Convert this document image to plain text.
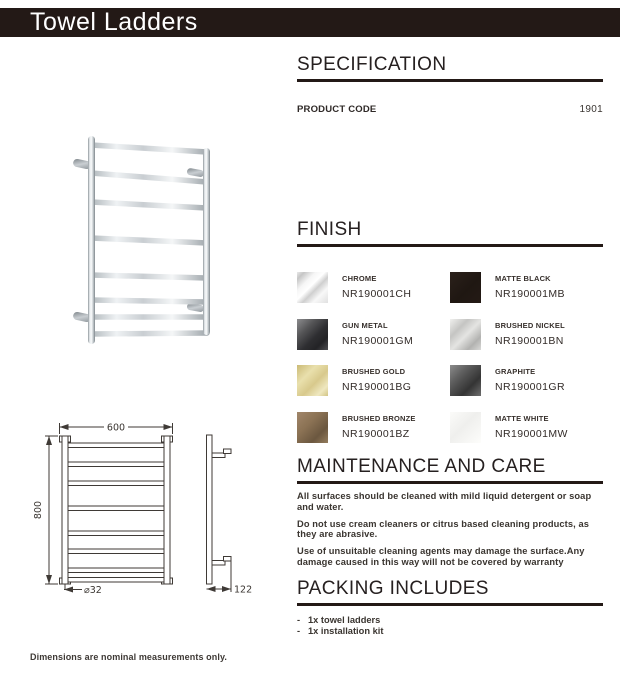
Towel Ladders
600
800
⌀32	122
Dimensions are nominal measurements only.
SPECIFICATION
PRODUCT CODE	1901
FINISH
CHROME
NR190001CH
MATTE BLACK
NR190001MB
GUN METAL
NR190001GM
BRUSHED NICKEL
NR190001BN
BRUSHED GOLD
NR190001BG
GRAPHITE
NR190001GR
BRUSHED BRONZE
NR190001BZ
MATTE WHITE
NR190001MW
MAINTENANCE AND CARE

All surfaces should be cleaned with mild liquid detergent or soap and water.

Do not use cream cleaners or citrus based cleaning products, as they are abrasive.

Use of unsuitable cleaning agents may damage the surface.Any damage caused in this way will not be covered by warranty

PACKING INCLUDES
- 1x towel ladders
- 1x installation kit
